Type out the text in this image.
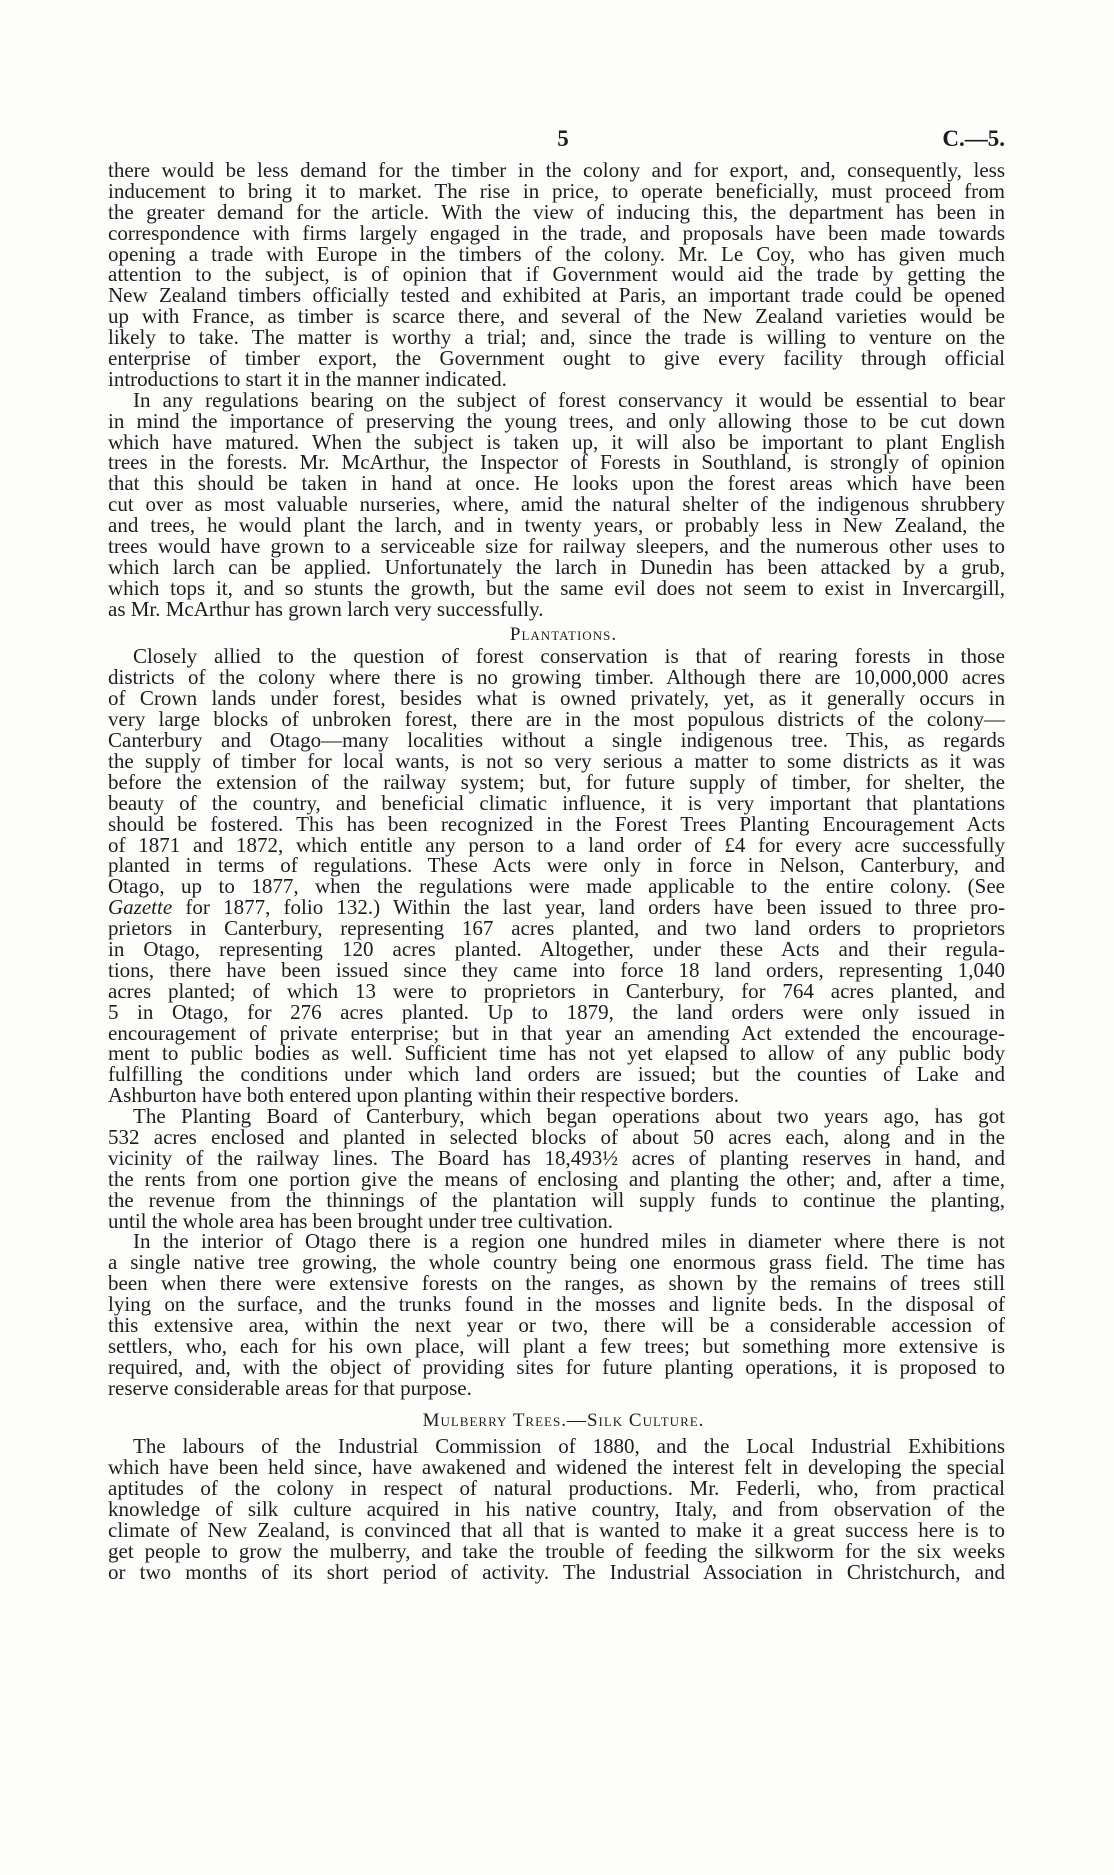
5	C.—5.
there would be less demand for the timber in the colony and for export, and, consequently, less
inducement to bring it to market. The rise in price, to operate beneficially, must proceed from
the greater demand for the article. With the view of inducing this, the department has been in
correspondence with firms largely engaged in the trade, and proposals have been made towards
opening a trade with Europe in the timbers of the colony. Mr. Le Coy, who has given much
attention to the subject, is of opinion that if Government would aid the trade by getting the
New Zealand timbers officially tested and exhibited at Paris, an important trade could be opened
up with France, as timber is scarce there, and several of the New Zealand varieties would be
likely to take. The matter is worthy a trial; and, since the trade is willing to venture on the
enterprise of timber export, the Government ought to give every facility through official
introductions to start it in the manner indicated.
In any regulations bearing on the subject of forest conservancy it would be essential to bear
in mind the importance of preserving the young trees, and only allowing those to be cut down
which have matured. When the subject is taken up, it will also be important to plant English
trees in the forests. Mr. McArthur, the Inspector of Forests in Southland, is strongly of opinion
that this should be taken in hand at once. He looks upon the forest areas which have been
cut over as most valuable nurseries, where, amid the natural shelter of the indigenous shrubbery
and trees, he would plant the larch, and in twenty years, or probably less in New Zealand, the
trees would have grown to a serviceable size for railway sleepers, and the numerous other uses to
which larch can be applied. Unfortunately the larch in Dunedin has been attacked by a grub,
which tops it, and so stunts the growth, but the same evil does not seem to exist in Invercargill,
as Mr. McArthur has grown larch very successfully.
Plantations.
Closely allied to the question of forest conservation is that of rearing forests in those
districts of the colony where there is no growing timber. Although there are 10,000,000 acres
of Crown lands under forest, besides what is owned privately, yet, as it generally occurs in
very large blocks of unbroken forest, there are in the most populous districts of the colony—
Canterbury and Otago—many localities without a single indigenous tree. This, as regards
the supply of timber for local wants, is not so very serious a matter to some districts as it was
before the extension of the railway system; but, for future supply of timber, for shelter, the
beauty of the country, and beneficial climatic influence, it is very important that plantations
should be fostered. This has been recognized in the Forest Trees Planting Encouragement Acts
of 1871 and 1872, which entitle any person to a land order of £4 for every acre successfully
planted in terms of regulations. These Acts were only in force in Nelson, Canterbury, and
Otago, up to 1877, when the regulations were made applicable to the entire colony. (See
Gazette for 1877, folio 132.) Within the last year, land orders have been issued to three pro-
prietors in Canterbury, representing 167 acres planted, and two land orders to proprietors
in Otago, representing 120 acres planted. Altogether, under these Acts and their regula-
tions, there have been issued since they came into force 18 land orders, representing 1,040
acres planted; of which 13 were to proprietors in Canterbury, for 764 acres planted, and
5 in Otago, for 276 acres planted. Up to 1879, the land orders were only issued in
encouragement of private enterprise; but in that year an amending Act extended the encourage-
ment to public bodies as well. Sufficient time has not yet elapsed to allow of any public body
fulfilling the conditions under which land orders are issued; but the counties of Lake and
Ashburton have both entered upon planting within their respective borders.
The Planting Board of Canterbury, which began operations about two years ago, has got
532 acres enclosed and planted in selected blocks of about 50 acres each, along and in the
vicinity of the railway lines. The Board has 18,493½ acres of planting reserves in hand, and
the rents from one portion give the means of enclosing and planting the other; and, after a time,
the revenue from the thinnings of the plantation will supply funds to continue the planting,
until the whole area has been brought under tree cultivation.
In the interior of Otago there is a region one hundred miles in diameter where there is not
a single native tree growing, the whole country being one enormous grass field. The time has
been when there were extensive forests on the ranges, as shown by the remains of trees still
lying on the surface, and the trunks found in the mosses and lignite beds. In the disposal of
this extensive area, within the next year or two, there will be a considerable accession of
settlers, who, each for his own place, will plant a few trees; but something more extensive is
required, and, with the object of providing sites for future planting operations, it is proposed to
reserve considerable areas for that purpose.
Mulberry Trees.—Silk Culture.
The labours of the Industrial Commission of 1880, and the Local Industrial Exhibitions
which have been held since, have awakened and widened the interest felt in developing the special
aptitudes of the colony in respect of natural productions. Mr. Federli, who, from practical
knowledge of silk culture acquired in his native country, Italy, and from observation of the
climate of New Zealand, is convinced that all that is wanted to make it a great success here is to
get people to grow the mulberry, and take the trouble of feeding the silkworm for the six weeks
or two months of its short period of activity. The Industrial Association in Christchurch, and
